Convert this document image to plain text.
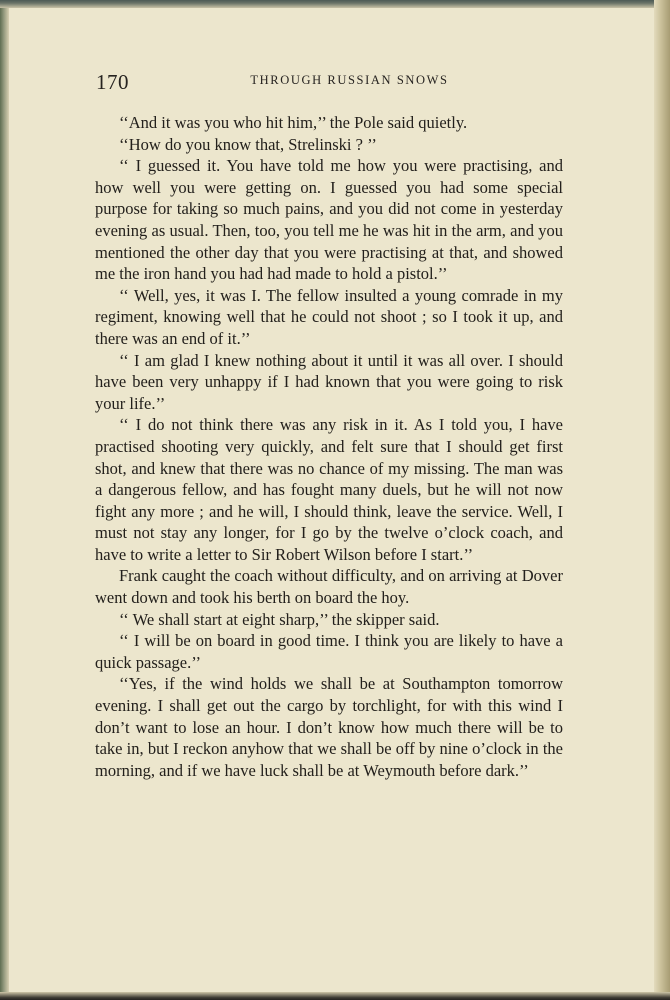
170	THROUGH RUSSIAN SNOWS

‘‘And it was you who hit him,’’ the Pole said quietly.

‘‘How do you know that, Strelinski ? ’’

‘‘ I guessed it. You have told me how you were practising, and how well you were getting on. I guessed you had some special purpose for taking so much pains, and you did not come in yesterday evening as usual. Then, too, you tell me he was hit in the arm, and you mentioned the other day that you were practising at that, and showed me the iron hand you had had made to hold a pistol.’’

‘‘ Well, yes, it was I. The fellow insulted a young comrade in my regiment, knowing well that he could not shoot ; so I took it up, and there was an end of it.’’

‘‘ I am glad I knew nothing about it until it was all over. I should have been very unhappy if I had known that you were going to risk your life.’’

‘‘ I do not think there was any risk in it. As I told you, I have practised shooting very quickly, and felt sure that I should get first shot, and knew that there was no chance of my missing. The man was a dangerous fellow, and has fought many duels, but he will not now fight any more ; and he will, I should think, leave the service. Well, I must not stay any longer, for I go by the twelve o’clock coach, and have to write a letter to Sir Robert Wilson before I start.’’

Frank caught the coach without difficulty, and on arriving at Dover went down and took his berth on board the hoy.

‘‘ We shall start at eight sharp,’’ the skipper said.

‘‘ I will be on board in good time. I think you are likely to have a quick passage.’’

‘‘Yes, if the wind holds we shall be at Southampton tomorrow evening. I shall get out the cargo by torchlight, for with this wind I don’t want to lose an hour. I don’t know how much there will be to take in, but I reckon anyhow that we shall be off by nine o’clock in the morning, and if we have luck shall be at Weymouth before dark.’’
